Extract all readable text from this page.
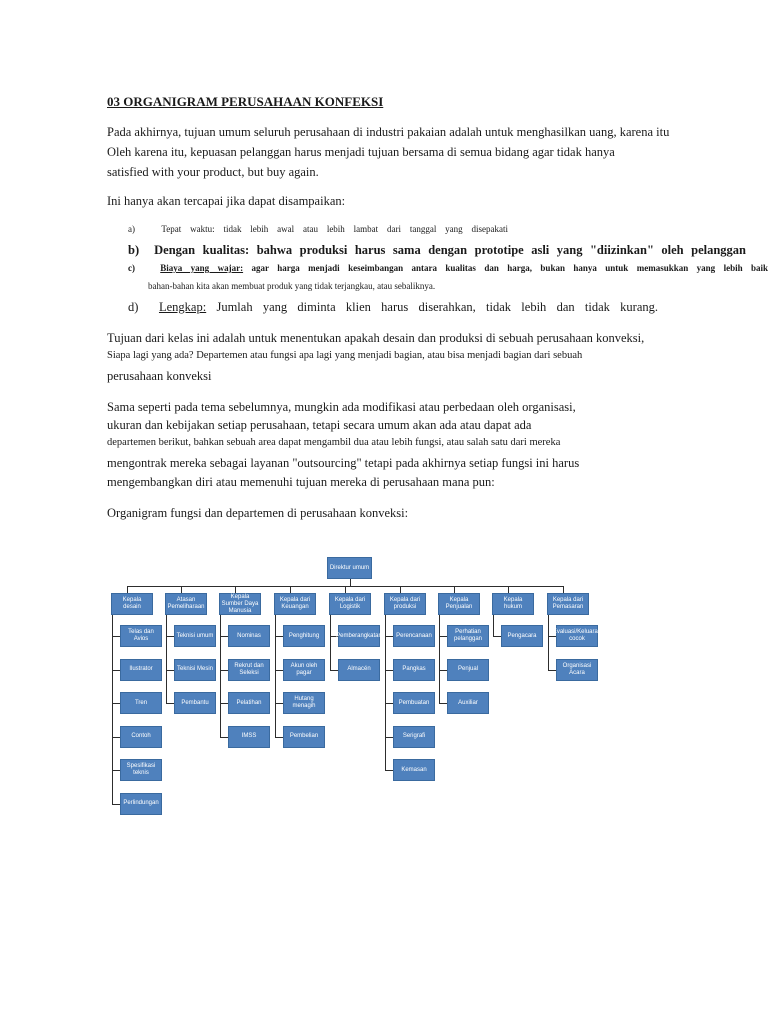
03 ORGANIGRAM PERUSAHAAN KONFEKSI

Pada akhirnya, tujuan umum seluruh perusahaan di industri pakaian adalah untuk menghasilkan uang, karena itu

Oleh karena itu, kepuasan pelanggan harus menjadi tujuan bersama di semua bidang agar tidak hanya

satisfied with your product, but buy again.

Ini hanya akan tercapai jika dapat disampaikan:

a)	Tepat waktu: tidak lebih awal atau lebih lambat dari tanggal yang disepakati
b) Dengan kualitas: bahwa produksi harus sama dengan prototipe asli yang "diizinkan" oleh pelanggan
c)	Biaya yang wajar: agar harga menjadi keseimbangan antara kualitas dan harga, bukan hanya untuk memasukkan yang lebih baik

bahan-bahan kita akan membuat produk yang tidak terjangkau, atau sebaliknya.

d) Lengkap: Jumlah yang diminta klien harus diserahkan, tidak lebih dan tidak kurang.

Tujuan dari kelas ini adalah untuk menentukan apakah desain dan produksi di sebuah perusahaan konveksi,

Siapa lagi yang ada? Departemen atau fungsi apa lagi yang menjadi bagian, atau bisa menjadi bagian dari sebuah

perusahaan konveksi

Sama seperti pada tema sebelumnya, mungkin ada modifikasi atau perbedaan oleh organisasi,

ukuran dan kebijakan setiap perusahaan, tetapi secara umum akan ada atau dapat ada

departemen berikut, bahkan sebuah area dapat mengambil dua atau lebih fungsi, atau salah satu dari mereka

mengontrak mereka sebagai layanan "outsourcing" tetapi pada akhirnya setiap fungsi ini harus

mengembangkan diri atau memenuhi tujuan mereka di perusahaan mana pun:

Organigram fungsi dan departemen di perusahaan konveksi:

Direktur umum
Kepala desain
Telas dan Avios
Ilustrator
Tren
Contoh
Spesifikasi teknis
Perlindungan
Atasan Pemeliharaan
Teknisi umum
Teknisi Mesin
Pembantu
Kepala Sumber Daya Manusia
Nominas
Rekrut dan Seleksi
Pelatihan
IMSS
Kepala dari Keuangan
Penghitung
Akun oleh pagar
Hutang menagih
Pembelian
Kepala dari Logistik
Pemberangkatan
Almacén
Kepala dari produksi
Perencanaan
Pangkas
Pembuatan
Serigrafi
Kemasan
Kepala Penjualan
Perhatian pelanggan
Penjual
Auxiliar
Kepala hukum
Pengacara
Kepala dari Pemasaran
Evaluasi/Keluaran cocok
Organisasi Acara
